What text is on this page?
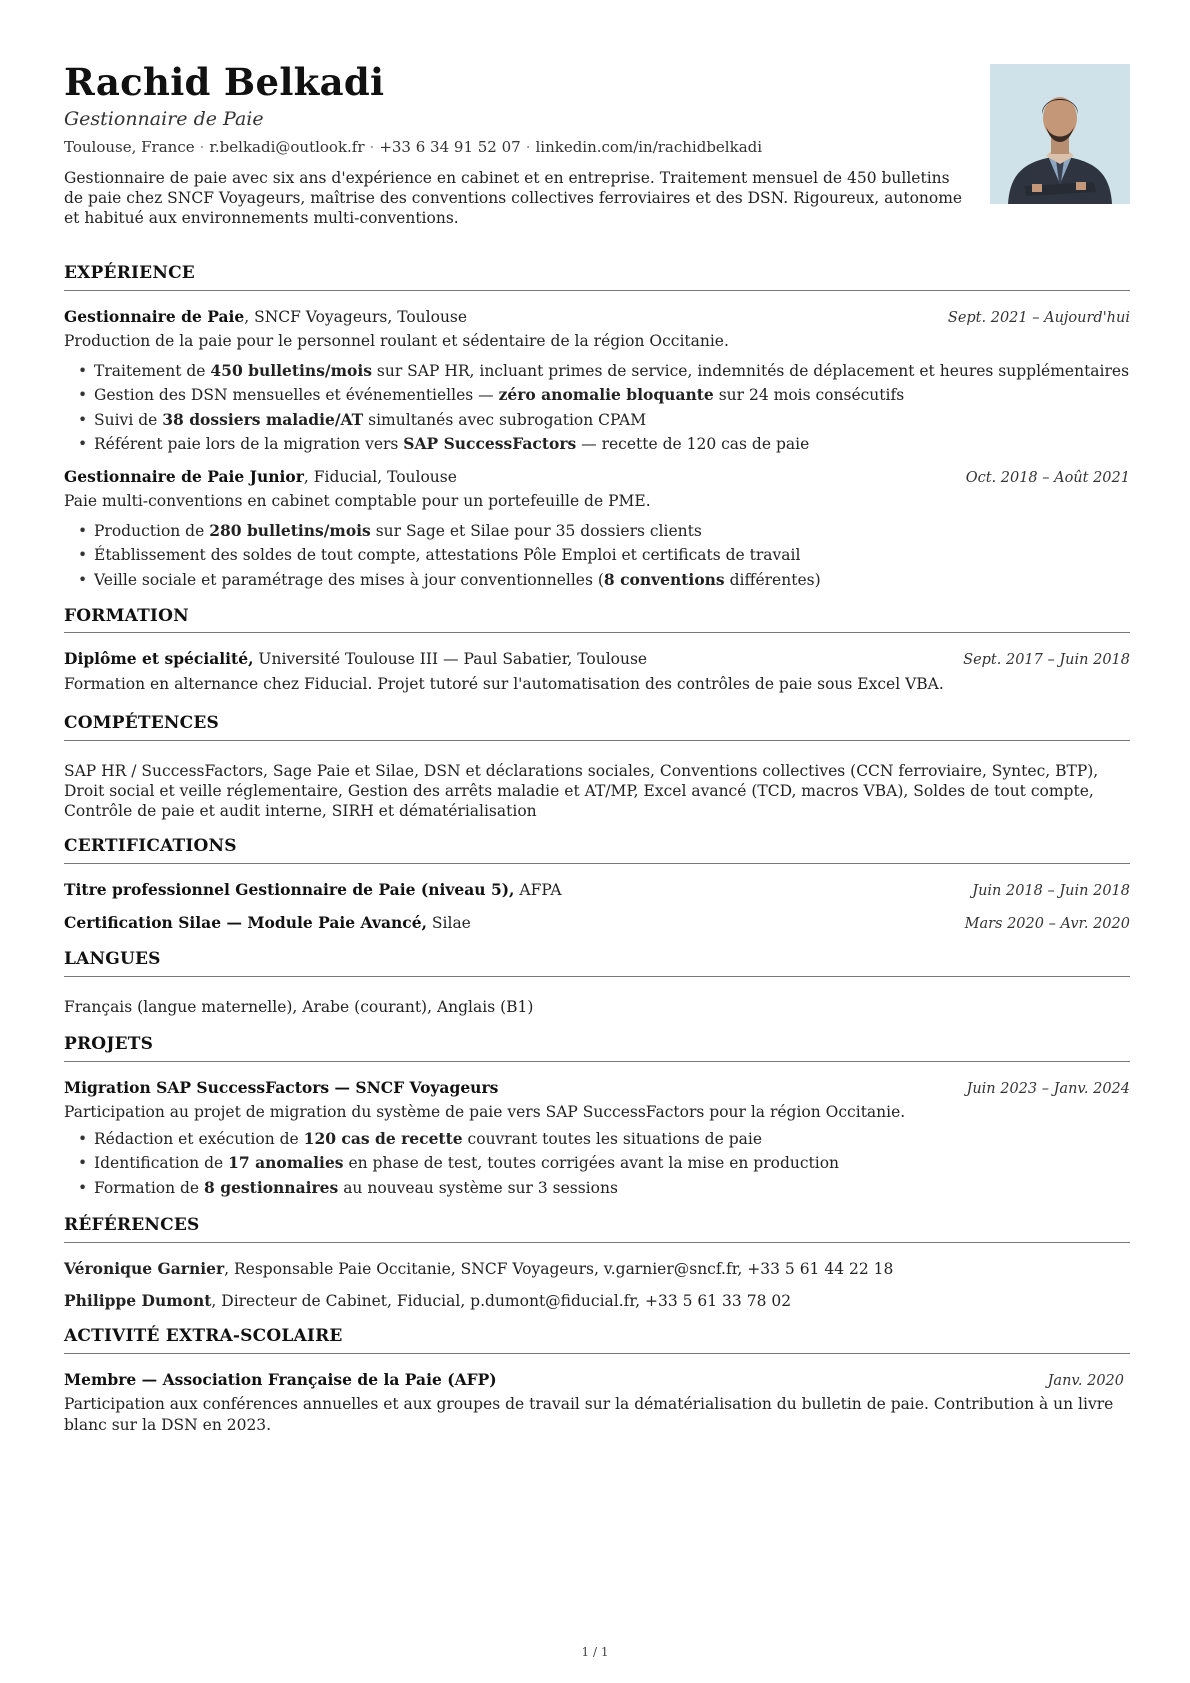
Rachid Belkadi
Gestionnaire de Paie
Toulouse, France · r.belkadi@outlook.fr · +33 6 34 91 52 07 · linkedin.com/in/rachidbelkadi
Gestionnaire de paie avec six ans d'expérience en cabinet et en entreprise. Traitement mensuel de 450 bulletins de paie chez SNCF Voyageurs, maîtrise des conventions collectives ferroviaires et des DSN. Rigoureux, autonome et habitué aux environnements multi-conventions.
EXPÉRIENCE
Gestionnaire de Paie, SNCF Voyageurs, Toulouse	Sept. 2021 – Aujourd'hui
Production de la paie pour le personnel roulant et sédentaire de la région Occitanie.
• Traitement de 450 bulletins/mois sur SAP HR, incluant primes de service, indemnités de déplacement et heures supplémentaires
• Gestion des DSN mensuelles et événementielles — zéro anomalie bloquante sur 24 mois consécutifs
• Suivi de 38 dossiers maladie/AT simultanés avec subrogation CPAM
• Référent paie lors de la migration vers SAP SuccessFactors — recette de 120 cas de paie
Gestionnaire de Paie Junior, Fiducial, Toulouse	Oct. 2018 – Août 2021
Paie multi-conventions en cabinet comptable pour un portefeuille de PME.
• Production de 280 bulletins/mois sur Sage et Silae pour 35 dossiers clients
• Établissement des soldes de tout compte, attestations Pôle Emploi et certificats de travail
• Veille sociale et paramétrage des mises à jour conventionnelles (8 conventions différentes)
FORMATION
Diplôme et spécialité, Université Toulouse III — Paul Sabatier, Toulouse	Sept. 2017 – Juin 2018
Formation en alternance chez Fiducial. Projet tutoré sur l'automatisation des contrôles de paie sous Excel VBA.
COMPÉTENCES
SAP HR / SuccessFactors, Sage Paie et Silae, DSN et déclarations sociales, Conventions collectives (CCN ferroviaire, Syntec, BTP), Droit social et veille réglementaire, Gestion des arrêts maladie et AT/MP, Excel avancé (TCD, macros VBA), Soldes de tout compte, Contrôle de paie et audit interne, SIRH et dématérialisation
CERTIFICATIONS
Titre professionnel Gestionnaire de Paie (niveau 5), AFPA	Juin 2018 – Juin 2018
Certification Silae — Module Paie Avancé, Silae	Mars 2020 – Avr. 2020
LANGUES
Français (langue maternelle), Arabe (courant), Anglais (B1)
PROJETS
Migration SAP SuccessFactors — SNCF Voyageurs	Juin 2023 – Janv. 2024
Participation au projet de migration du système de paie vers SAP SuccessFactors pour la région Occitanie.
• Rédaction et exécution de 120 cas de recette couvrant toutes les situations de paie
• Identification de 17 anomalies en phase de test, toutes corrigées avant la mise en production
• Formation de 8 gestionnaires au nouveau système sur 3 sessions
RÉFÉRENCES
Véronique Garnier, Responsable Paie Occitanie, SNCF Voyageurs, v.garnier@sncf.fr, +33 5 61 44 22 18
Philippe Dumont, Directeur de Cabinet, Fiducial, p.dumont@fiducial.fr, +33 5 61 33 78 02
ACTIVITÉ EXTRA-SCOLAIRE
Membre — Association Française de la Paie (AFP)	Janv. 2020
Participation aux conférences annuelles et aux groupes de travail sur la dématérialisation du bulletin de paie. Contribution à un livre blanc sur la DSN en 2023.
1 / 1
